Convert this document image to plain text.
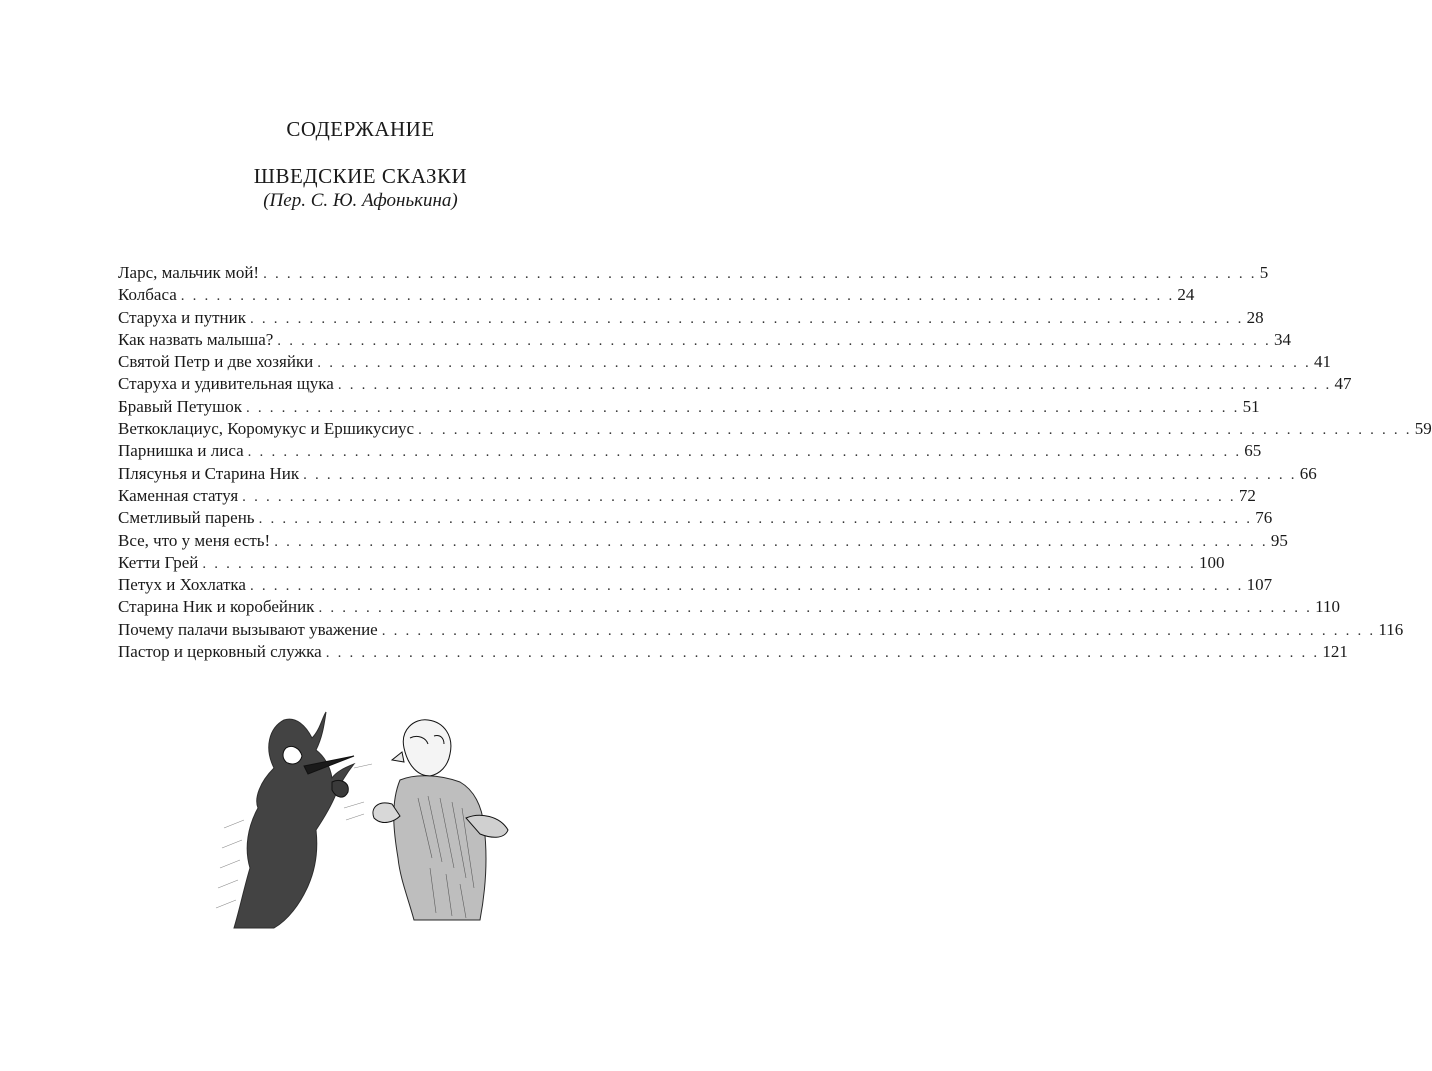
СОДЕРЖАНИЕ
ШВЕДСКИЕ СКАЗКИ
(Пер. С. Ю. Афонькина)
Ларс, мальчик мой! . . . . . . . . . . . . . . . . . . . . . . . . . . . . . . . . . . . . . . . . . . . . . . . . . . . . . . . . . . . . . . . . . . . . . . . . . . . . . . . . . . . . 5
Колбаса . . . . . . . . . . . . . . . . . . . . . . . . . . . . . . . . . . . . . . . . . . . . . . . . . . . . . . . . . . . . . . . . . . . . . . . . . . . . . . . . . . . . 24
Старуха и путник . . . . . . . . . . . . . . . . . . . . . . . . . . . . . . . . . . . . . . . . . . . . . . . . . . . . . . . . . . . . . . . . . . . . . . . . . . . . . . . . . . . . 28
Как назвать малыша? . . . . . . . . . . . . . . . . . . . . . . . . . . . . . . . . . . . . . . . . . . . . . . . . . . . . . . . . . . . . . . . . . . . . . . . . . . . . . . . . . . . . 34
Святой Петр и две хозяйки . . . . . . . . . . . . . . . . . . . . . . . . . . . . . . . . . . . . . . . . . . . . . . . . . . . . . . . . . . . . . . . . . . . . . . . . . . . . . . . . . . . . 41
Старуха и удивительная щука . . . . . . . . . . . . . . . . . . . . . . . . . . . . . . . . . . . . . . . . . . . . . . . . . . . . . . . . . . . . . . . . . . . . . . . . . . . . . . . . . . . . 47
Бравый Петушок . . . . . . . . . . . . . . . . . . . . . . . . . . . . . . . . . . . . . . . . . . . . . . . . . . . . . . . . . . . . . . . . . . . . . . . . . . . . . . . . . . . . 51
Веткоклациус, Коромукус и Ершикусиус . . . . . . . . . . . . . . . . . . . . . . . . . . . . . . . . . . . . . . . . . . . . . . . . . . . . . . . . . . . . . . . . . . . . . . . . . . . . . . . . . . . . 59
Парнишка и лиса . . . . . . . . . . . . . . . . . . . . . . . . . . . . . . . . . . . . . . . . . . . . . . . . . . . . . . . . . . . . . . . . . . . . . . . . . . . . . . . . . . . . 65
Плясунья и Старина Ник . . . . . . . . . . . . . . . . . . . . . . . . . . . . . . . . . . . . . . . . . . . . . . . . . . . . . . . . . . . . . . . . . . . . . . . . . . . . . . . . . . . . 66
Каменная статуя . . . . . . . . . . . . . . . . . . . . . . . . . . . . . . . . . . . . . . . . . . . . . . . . . . . . . . . . . . . . . . . . . . . . . . . . . . . . . . . . . . . . 72
Сметливый парень . . . . . . . . . . . . . . . . . . . . . . . . . . . . . . . . . . . . . . . . . . . . . . . . . . . . . . . . . . . . . . . . . . . . . . . . . . . . . . . . . . . . 76
Все, что у меня есть! . . . . . . . . . . . . . . . . . . . . . . . . . . . . . . . . . . . . . . . . . . . . . . . . . . . . . . . . . . . . . . . . . . . . . . . . . . . . . . . . . . . . 95
Кетти Грей . . . . . . . . . . . . . . . . . . . . . . . . . . . . . . . . . . . . . . . . . . . . . . . . . . . . . . . . . . . . . . . . . . . . . . . . . . . . . . . . . . . . 100
Петух и Хохлатка . . . . . . . . . . . . . . . . . . . . . . . . . . . . . . . . . . . . . . . . . . . . . . . . . . . . . . . . . . . . . . . . . . . . . . . . . . . . . . . . . . . . 107
Старина Ник и коробейник . . . . . . . . . . . . . . . . . . . . . . . . . . . . . . . . . . . . . . . . . . . . . . . . . . . . . . . . . . . . . . . . . . . . . . . . . . . . . . . . . . . . 110
Почему палачи вызывают уважение . . . . . . . . . . . . . . . . . . . . . . . . . . . . . . . . . . . . . . . . . . . . . . . . . . . . . . . . . . . . . . . . . . . . . . . . . . . . . . . . . . . . 116
Пастор и церковный служка . . . . . . . . . . . . . . . . . . . . . . . . . . . . . . . . . . . . . . . . . . . . . . . . . . . . . . . . . . . . . . . . . . . . . . . . . . . . . . . . . . . . 121
